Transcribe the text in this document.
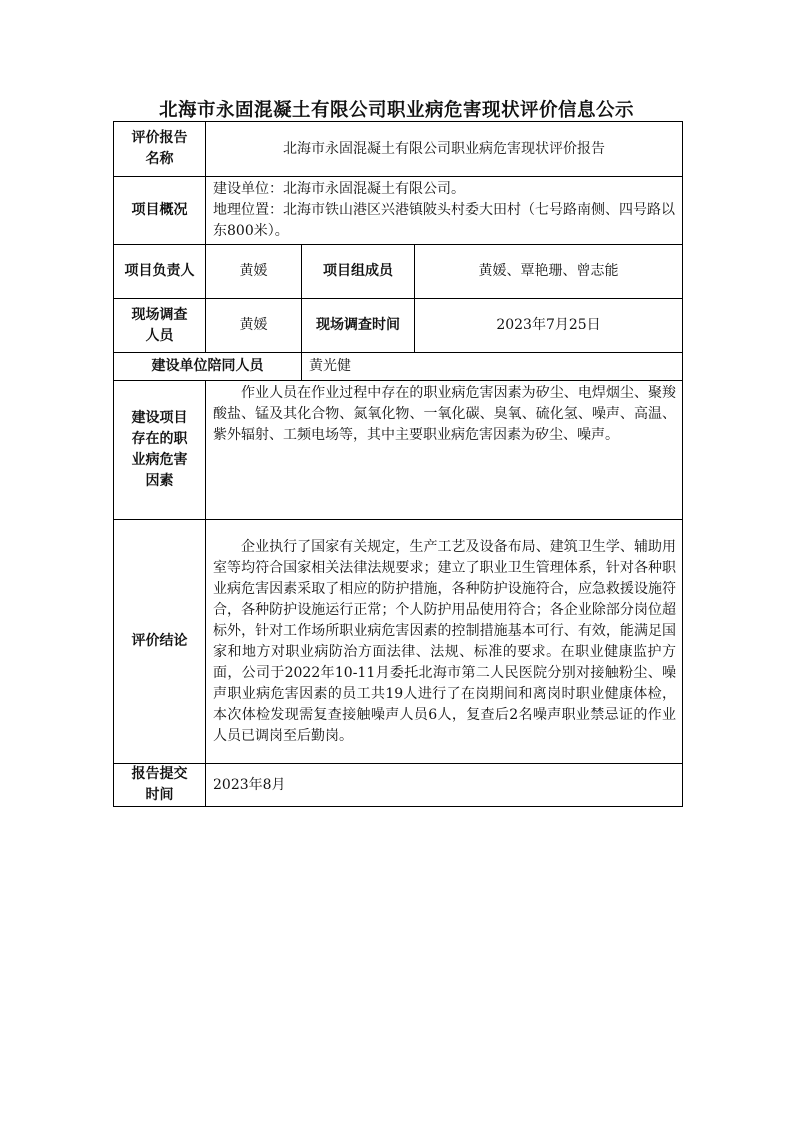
北海市永固混凝土有限公司职业病危害现状评价信息公示
评价报告名称	北海市永固混凝土有限公司职业病危害现状评价报告		
项目概况	建设单位：北海市永固混凝土有限公司。
地理位置：北海市铁山港区兴港镇陂头村委大田村（七号路南侧、四号路以东800米）。		

项目负责人	黄媛	项目组成员	黄媛、覃艳珊、曾志能
现场调查人员	黄媛	现场调查时间	2023年7月25日
建设单位陪同人员		黄光健	
建设项目存在的职业病危害因素	作业人员在作业过程中存在的职业病危害因素为矽尘、电焊烟尘、聚羧酸盐、锰及其化合物、氮氧化物、一氧化碳、臭氧、硫化氢、噪声、高温、紫外辐射、工频电场等，其中主要职业病危害因素为矽尘、噪声。		

评价结论	企业执行了国家有关规定，生产工艺及设备布局、建筑卫生学、辅助用室等均符合国家相关法律法规要求；建立了职业卫生管理体系，针对各种职业病危害因素采取了相应的防护措施，各种防护设施符合，应急救援设施符合，各种防护设施运行正常；个人防护用品使用符合；各企业除部分岗位超标外，针对工作场所职业病危害因素的控制措施基本可行、有效，能满足国家和地方对职业病防治方面法律、法规、标准的要求。在职业健康监护方面，公司于2022年10-11月委托北海市第二人民医院分别对接触粉尘、噪声职业病危害因素的员工共19人进行了在岗期间和离岗时职业健康体检，本次体检发现需复查接触噪声人员6人，复查后2名噪声职业禁忌证的作业人员已调岗至后勤岗。		

报告提交时间	2023年8月		
